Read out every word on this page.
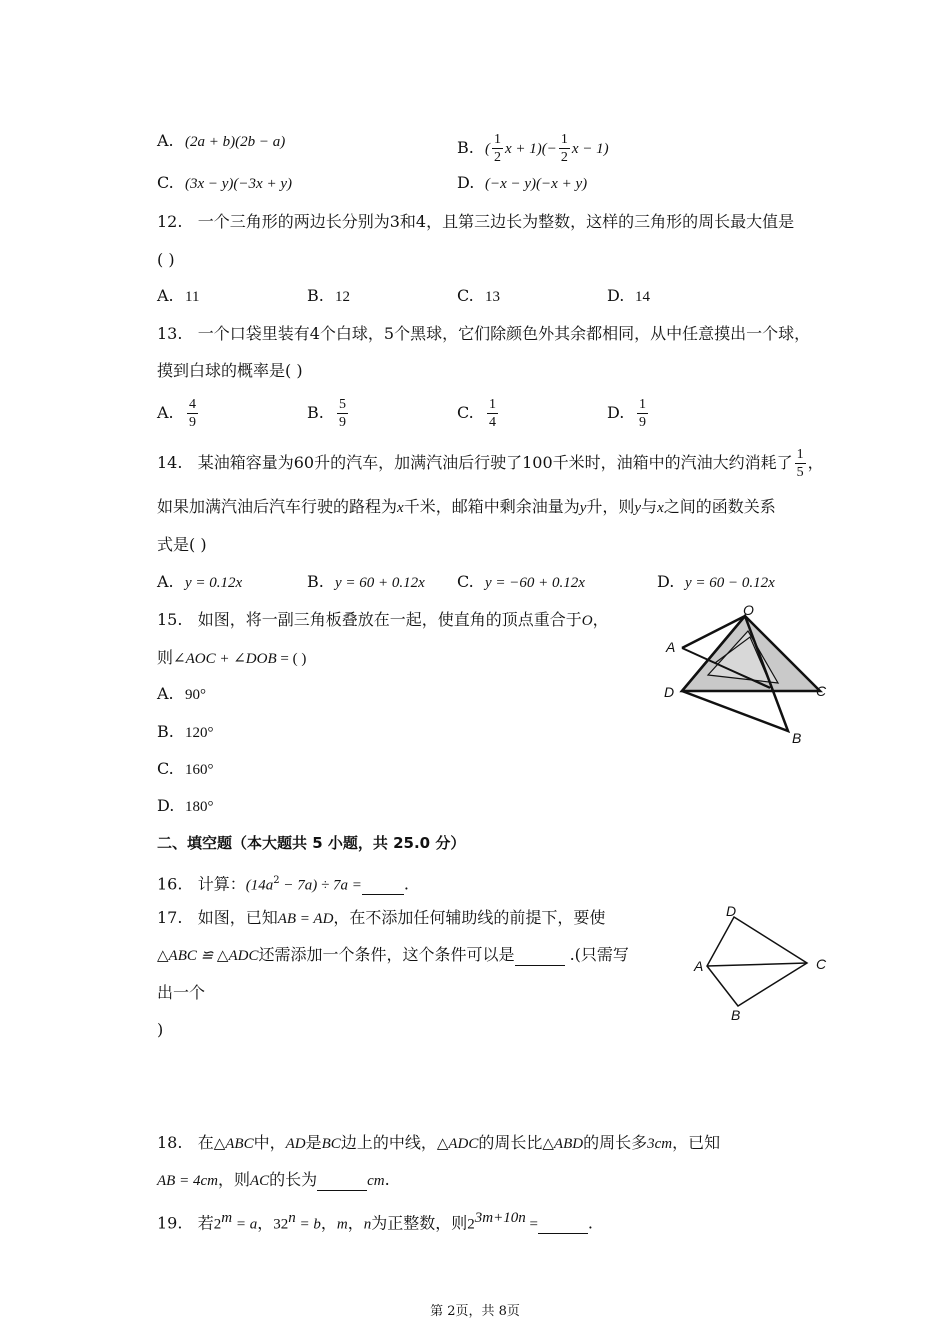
A. (2a + b)(2b − a)	B. ( $\frac{1}{2}$ $x + 1)(- \frac{1}{2}$ x − 1)
C. (3x − y)(−3x + y)	D. (−x − y)(−x + y)
12. 一个三角形的两边长分别为3和4，且第三边长为整数，这样的三角形的周长最大值是
( )
A. 11	B. 12	C. 13	D. 14
13. 一个口袋里装有4个白球，5个黑球，它们除颜色外其余都相同，从中任意摸出一个球，
摸到白球的概率是( )
A. $\frac{4}{9}$	B. $\frac{5}{9}$	C. $\frac{1}{4}$	D. $\frac{1}{9}$
14. 某油箱容量为60升的汽车，加满汽油后行驶了100千米时，油箱中的汽油大约消耗了 $\frac{1}{5}$ ，
如果加满汽油后汽车行驶的路程为x千米，邮箱中剩余油量为y升，则y与x之间的函数关系
式是( )
A. y = 0.12x	B. y = 60 + 0.12x C. y = −60 + 0.12x	D. y = 60 − 0.12x
15. 如图，将一副三角板叠放在一起，使直角的顶点重合于O，
则∠AOC + ∠DOB = ( )
A. 90°
B. 120°
C. 160°
D. 180°
O
A
D	C
B
二、填空题（本大题共 5 小题，共 25.0 分）
16. 计算：$(14a^2 - 7a) \div 7a$ =	.
17. 如图，已知AB = AD，在不添加任何辅助线的前提下，要使
△ABC ≌ △ADC还需添加一个条件，这个条件可以是	.(只需写
出一个
)
D
A	C
B
18. 在△ABC中，AD是BC边上的中线，△ADC的周长比△ABD的周长多3cm，已知
AB = 4cm，则AC的长为	cm.
19. 若$2^m = a$，$32^n = b$，m，n为正整数，则$2^{3m+10n}$ =	.
第 2页，共 8页
